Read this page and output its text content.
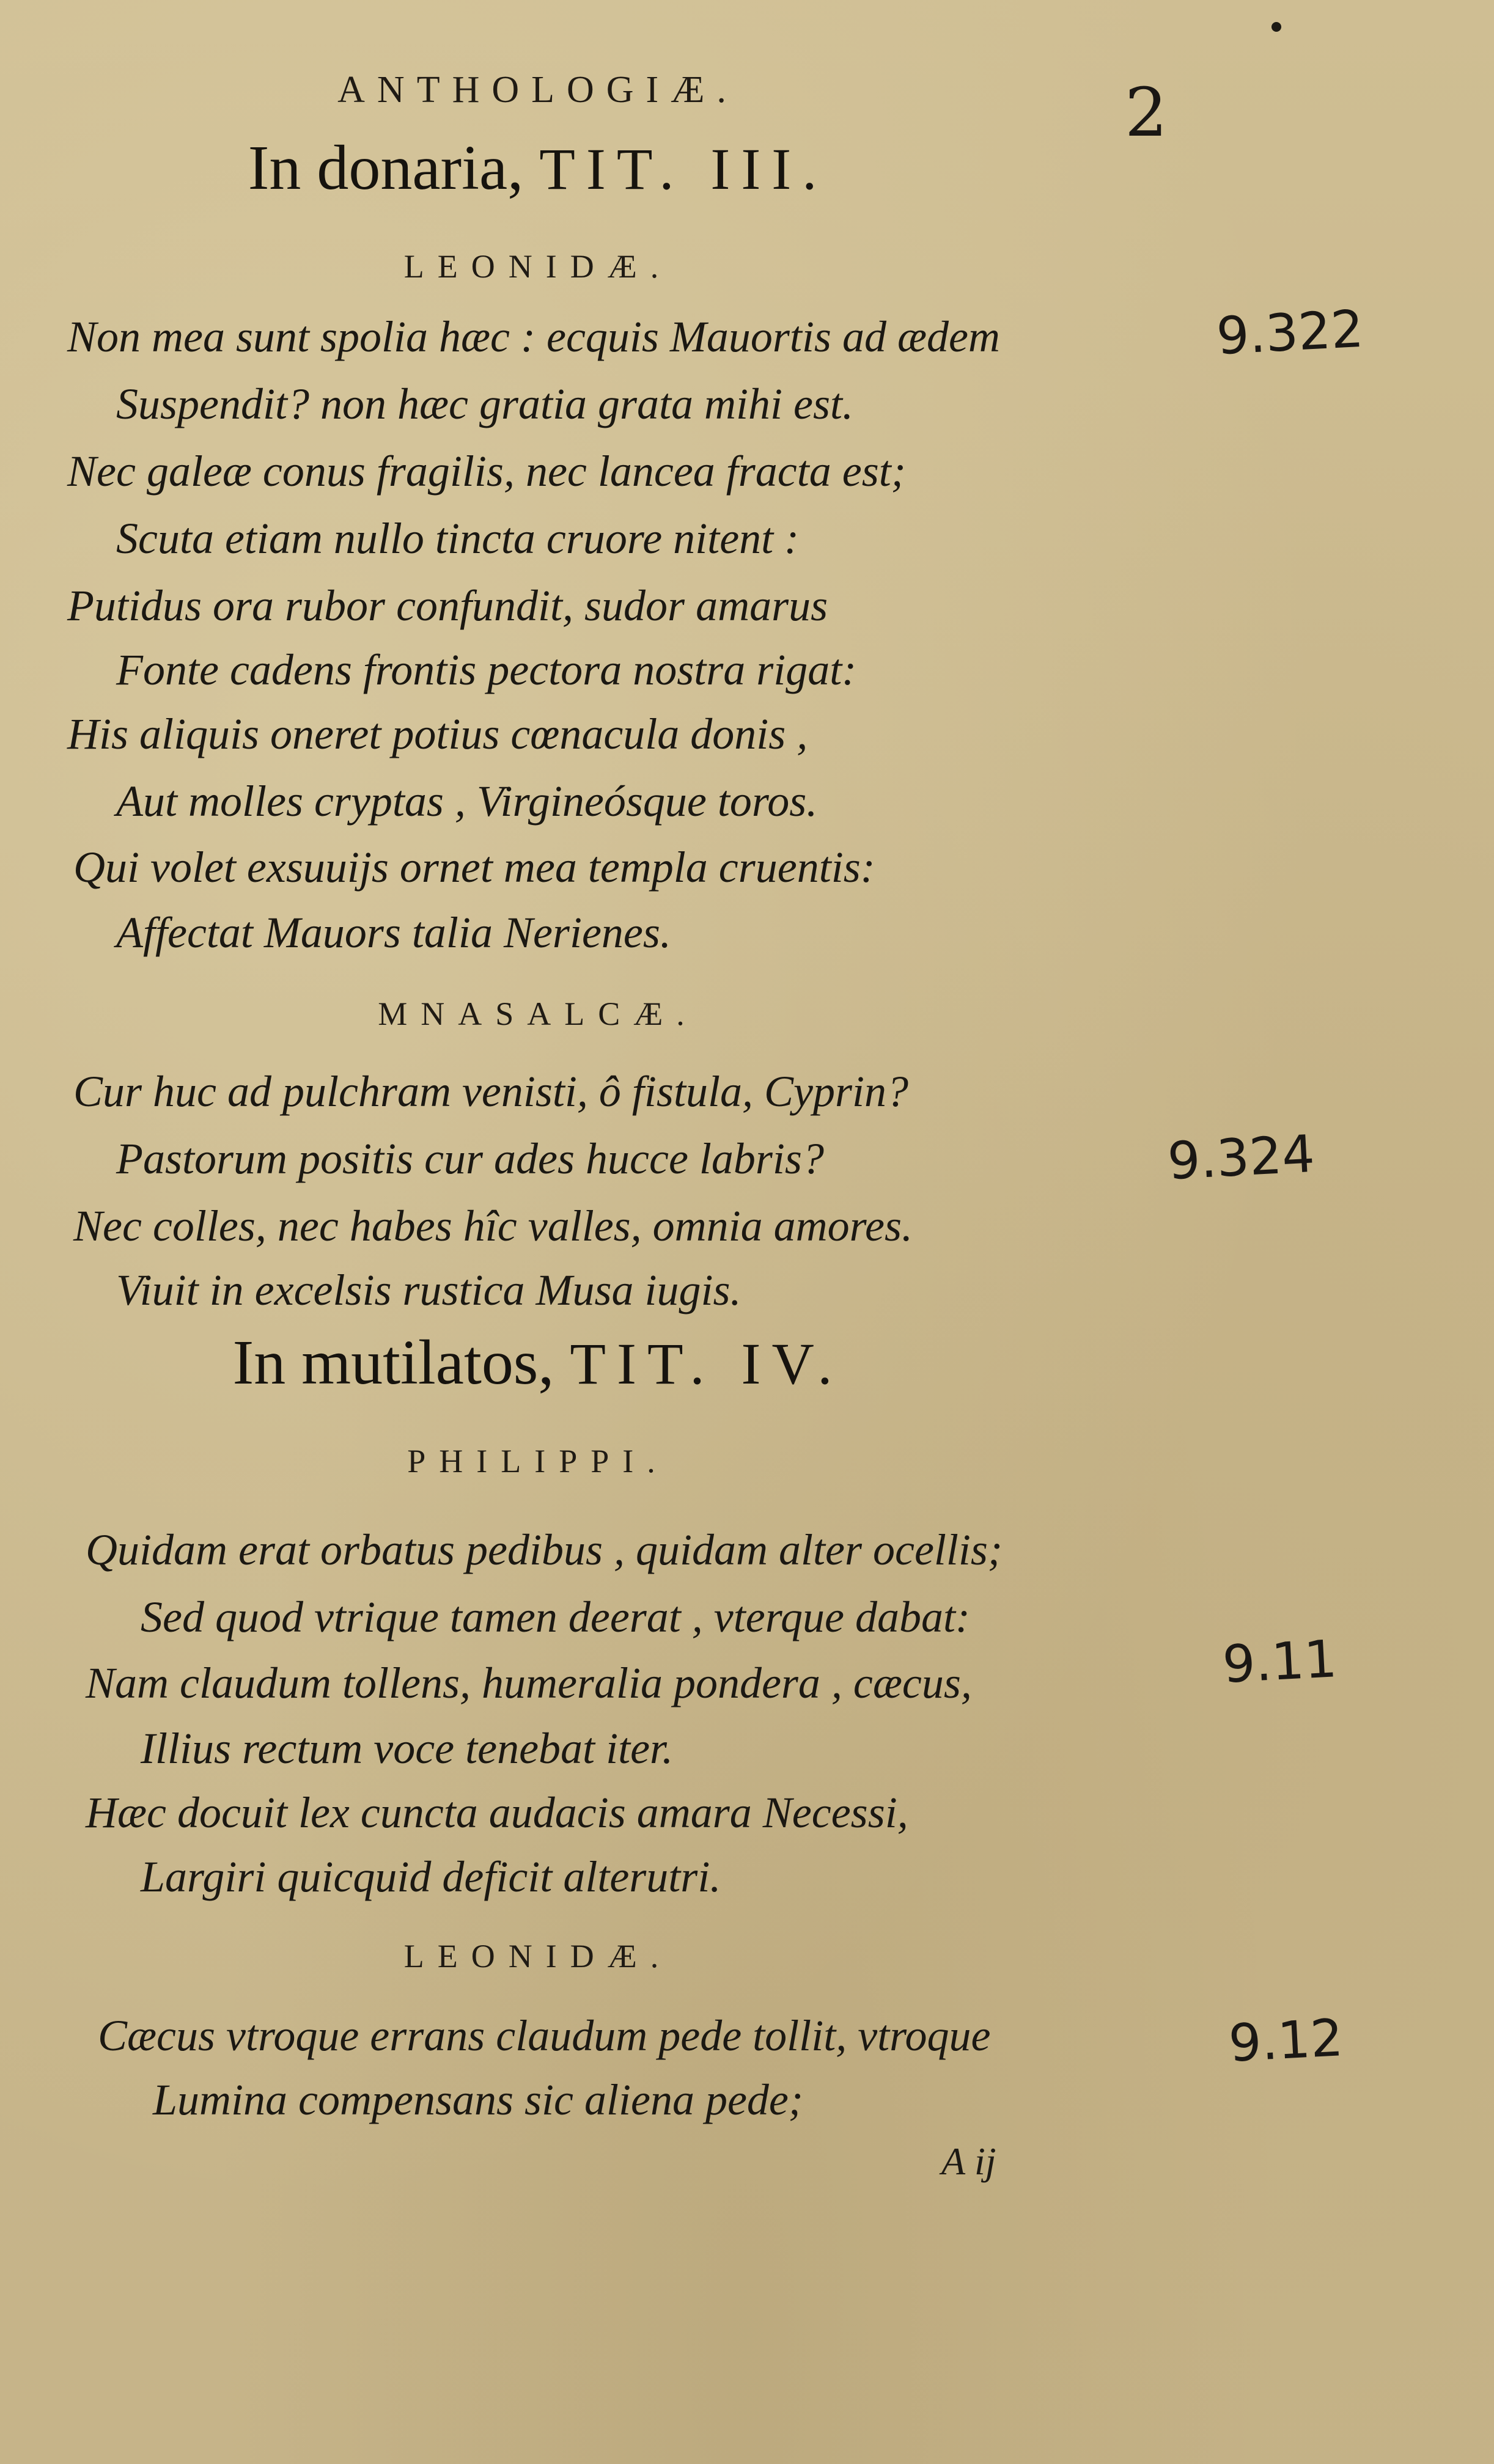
ANTHOLOGIÆ.	2
In donaria, TIT. III.
LEONIDÆ.
Non mea sunt spolia hæc : ecquis Mauortis ad ædem
Suspendit? non hæc gratia grata mihi est.
Nec galeæ conus fragilis, nec lancea fracta est;
Scuta etiam nullo tincta cruore nitent :
Putidus ora rubor confundit, sudor amarus
Fonte cadens frontis pectora nostra rigat:
His aliquis oneret potius cœnacula donis ,
Aut molles cryptas , Virgineósque toros.
Qui volet exsuuijs ornet mea templa cruentis:
Affectat Mauors talia Nerienes.
MNASALCÆ.
Cur huc ad pulchram venisti, ô fistula, Cyprin?
Pastorum positis cur ades hucce labris?
Nec colles, nec habes hîc valles, omnia amores.
Viuit in excelsis rustica Musa iugis.
In mutilatos, TIT. IV.
PHILIPPI.
Quidam erat orbatus pedibus , quidam alter ocellis;
Sed quod vtrique tamen deerat , vterque dabat:
Nam claudum tollens, humeralia pondera , cæcus,
Illius rectum voce tenebat iter.
Hæc docuit lex cuncta audacis amara Necessi,
Largiri quicquid deficit alterutri.
LEONIDÆ.
Cæcus vtroque errans claudum pede tollit, vtroque
Lumina compensans sic aliena pede;
A ij
9.322
9.324
9.11
9.12
